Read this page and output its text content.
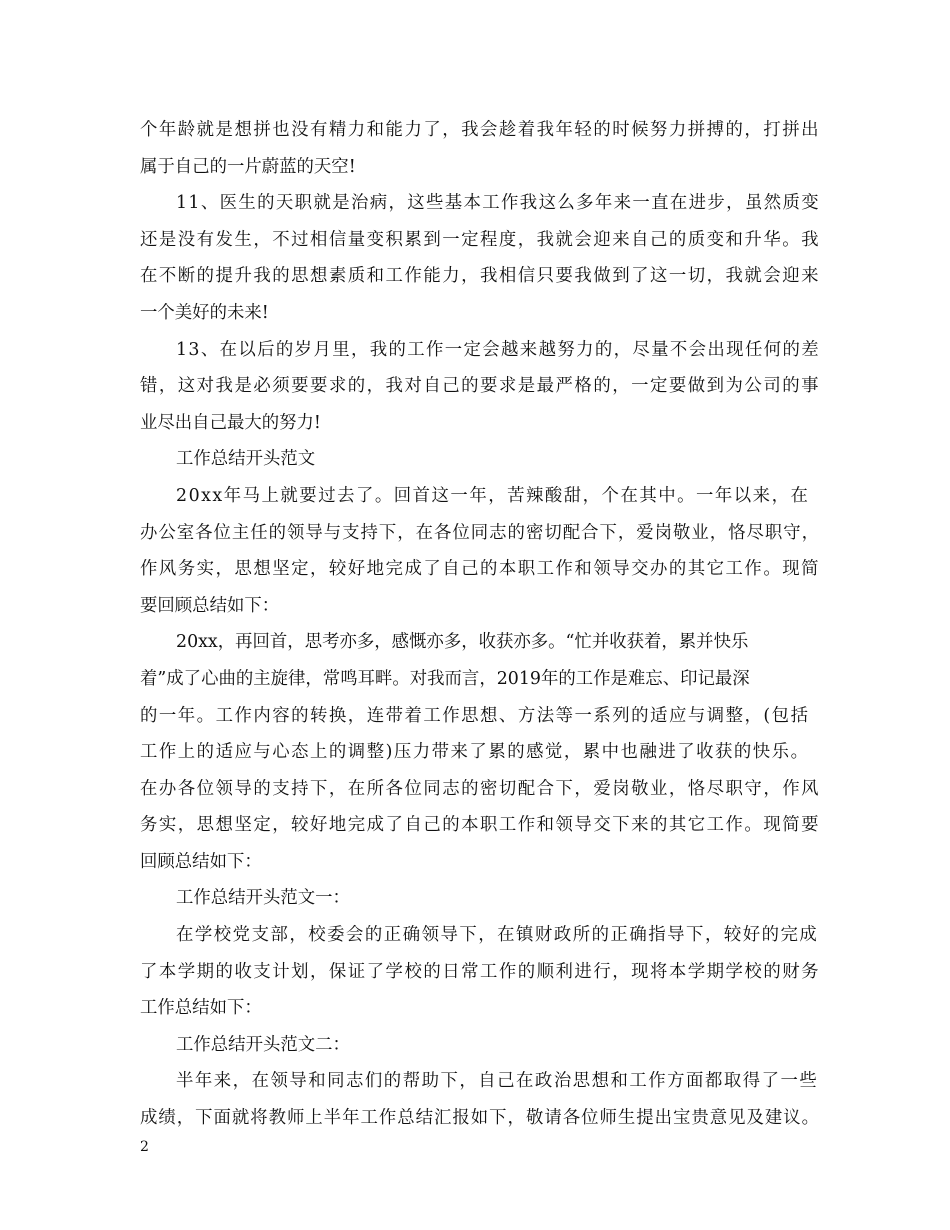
个年龄就是想拼也没有精力和能力了，我会趁着我年轻的时候努力拼搏的，打拼出
属于自己的一片蔚蓝的天空!
11、医生的天职就是治病，这些基本工作我这么多年来一直在进步，虽然质变
还是没有发生，不过相信量变积累到一定程度，我就会迎来自己的质变和升华。我
在不断的提升我的思想素质和工作能力，我相信只要我做到了这一切，我就会迎来
一个美好的未来!
13、在以后的岁月里，我的工作一定会越来越努力的，尽量不会出现任何的差
错，这对我是必须要要求的，我对自己的要求是最严格的，一定要做到为公司的事
业尽出自己最大的努力!
工作总结开头范文
20xx年马上就要过去了。回首这一年，苦辣酸甜，个在其中。一年以来，在
办公室各位主任的领导与支持下，在各位同志的密切配合下，爱岗敬业，恪尽职守，
作风务实，思想坚定，较好地完成了自己的本职工作和领导交办的其它工作。现简
要回顾总结如下：
20xx，再回首，思考亦多，感慨亦多，收获亦多。“忙并收获着，累并快乐
着”成了心曲的主旋律，常鸣耳畔。对我而言，2019年的工作是难忘、印记最深
的一年。工作内容的转换，连带着工作思想、方法等一系列的适应与调整，(包括
工作上的适应与心态上的调整)压力带来了累的感觉，累中也融进了收获的快乐。
在办各位领导的支持下，在所各位同志的密切配合下，爱岗敬业，恪尽职守，作风
务实，思想坚定，较好地完成了自己的本职工作和领导交下来的其它工作。现简要
回顾总结如下：
工作总结开头范文一：
在学校党支部，校委会的正确领导下，在镇财政所的正确指导下，较好的完成
了本学期的收支计划，保证了学校的日常工作的顺利进行，现将本学期学校的财务
工作总结如下：
工作总结开头范文二：
半年来，在领导和同志们的帮助下，自己在政治思想和工作方面都取得了一些
成绩，下面就将教师上半年工作总结汇报如下，敬请各位师生提出宝贵意见及建议。
2
